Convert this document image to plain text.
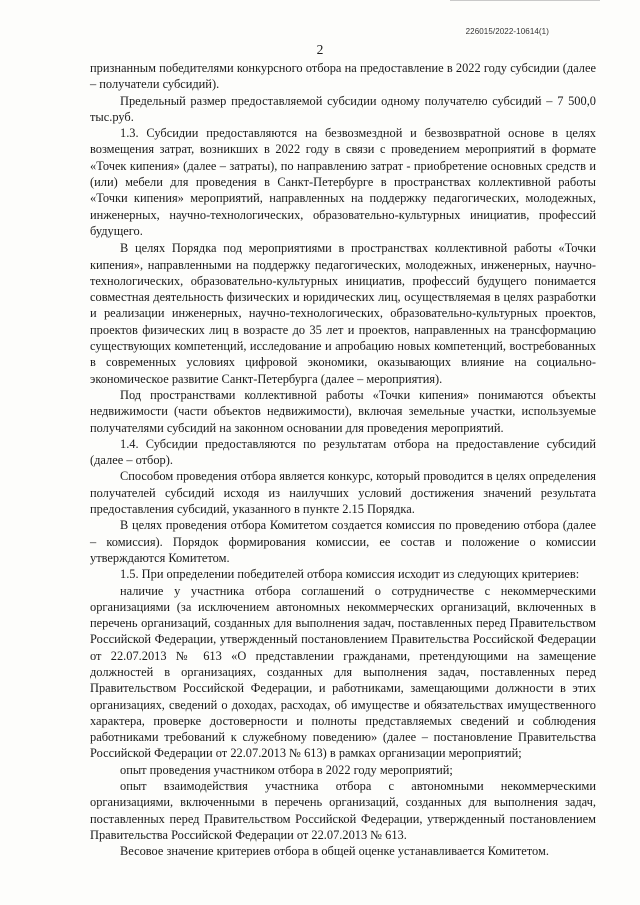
226015/2022-10614(1)
2

признанным победителями конкурсного отбора на предоставление в 2022 году субсидии (далее – получатели субсидий).

Предельный размер предоставляемой субсидии одному получателю субсидий – 7 500,0 тыс.руб.

1.3. Субсидии предоставляются на безвозмездной и безвозвратной основе в целях возмещения затрат, возникших в 2022 году в связи с проведением мероприятий в формате «Точек кипения» (далее – затраты), по направлению затрат - приобретение основных средств и (или) мебели для проведения в Санкт-Петербурге в пространствах коллективной работы «Точки кипения» мероприятий, направленных на поддержку педагогических, молодежных, инженерных, научно-технологических, образовательно-культурных инициатив, профессий будущего.

В целях Порядка под мероприятиями в пространствах коллективной работы «Точки кипения», направленными на поддержку педагогических, молодежных, инженерных, научно-технологических, образовательно-культурных инициатив, профессий будущего понимается совместная деятельность физических и юридических лиц, осуществляемая в целях разработки и реализации инженерных, научно-технологических, образовательно-культурных проектов, проектов физических лиц в возрасте до 35 лет и проектов, направленных на трансформацию существующих компетенций, исследование и апробацию новых компетенций, востребованных в современных условиях цифровой экономики, оказывающих влияние на социально-экономическое развитие Санкт-Петербурга (далее – мероприятия).

Под пространствами коллективной работы «Точки кипения» понимаются объекты недвижимости (части объектов недвижимости), включая земельные участки, используемые получателями субсидий на законном основании для проведения мероприятий.

1.4. Субсидии предоставляются по результатам отбора на предоставление субсидий (далее – отбор).

Способом проведения отбора является конкурс, который проводится в целях определения получателей субсидий исходя из наилучших условий достижения значений результата предоставления субсидий, указанного в пункте 2.15 Порядка.

В целях проведения отбора Комитетом создается комиссия по проведению отбора (далее – комиссия). Порядок формирования комиссии, ее состав и положение о комиссии утверждаются Комитетом.

1.5. При определении победителей отбора комиссия исходит из следующих критериев:

наличие у участника отбора соглашений о сотрудничестве с некоммерческими организациями (за исключением автономных некоммерческих организаций, включенных в перечень организаций, созданных для выполнения задач, поставленных перед Правительством Российской Федерации, утвержденный постановлением Правительства Российской Федерации от 22.07.2013 № 613 «О представлении гражданами, претендующими на замещение должностей в организациях, созданных для выполнения задач, поставленных перед Правительством Российской Федерации, и работниками, замещающими должности в этих организациях, сведений о доходах, расходах, об имуществе и обязательствах имущественного характера, проверке достоверности и полноты представляемых сведений и соблюдения работниками требований к служебному поведению» (далее – постановление Правительства Российской Федерации от 22.07.2013 № 613) в рамках организации мероприятий;

опыт проведения участником отбора в 2022 году мероприятий;

опыт взаимодействия участника отбора с автономными некоммерческими организациями, включенными в перечень организаций, созданных для выполнения задач, поставленных перед Правительством Российской Федерации, утвержденный постановлением Правительства Российской Федерации от 22.07.2013 № 613.

Весовое значение критериев отбора в общей оценке устанавливается Комитетом.
